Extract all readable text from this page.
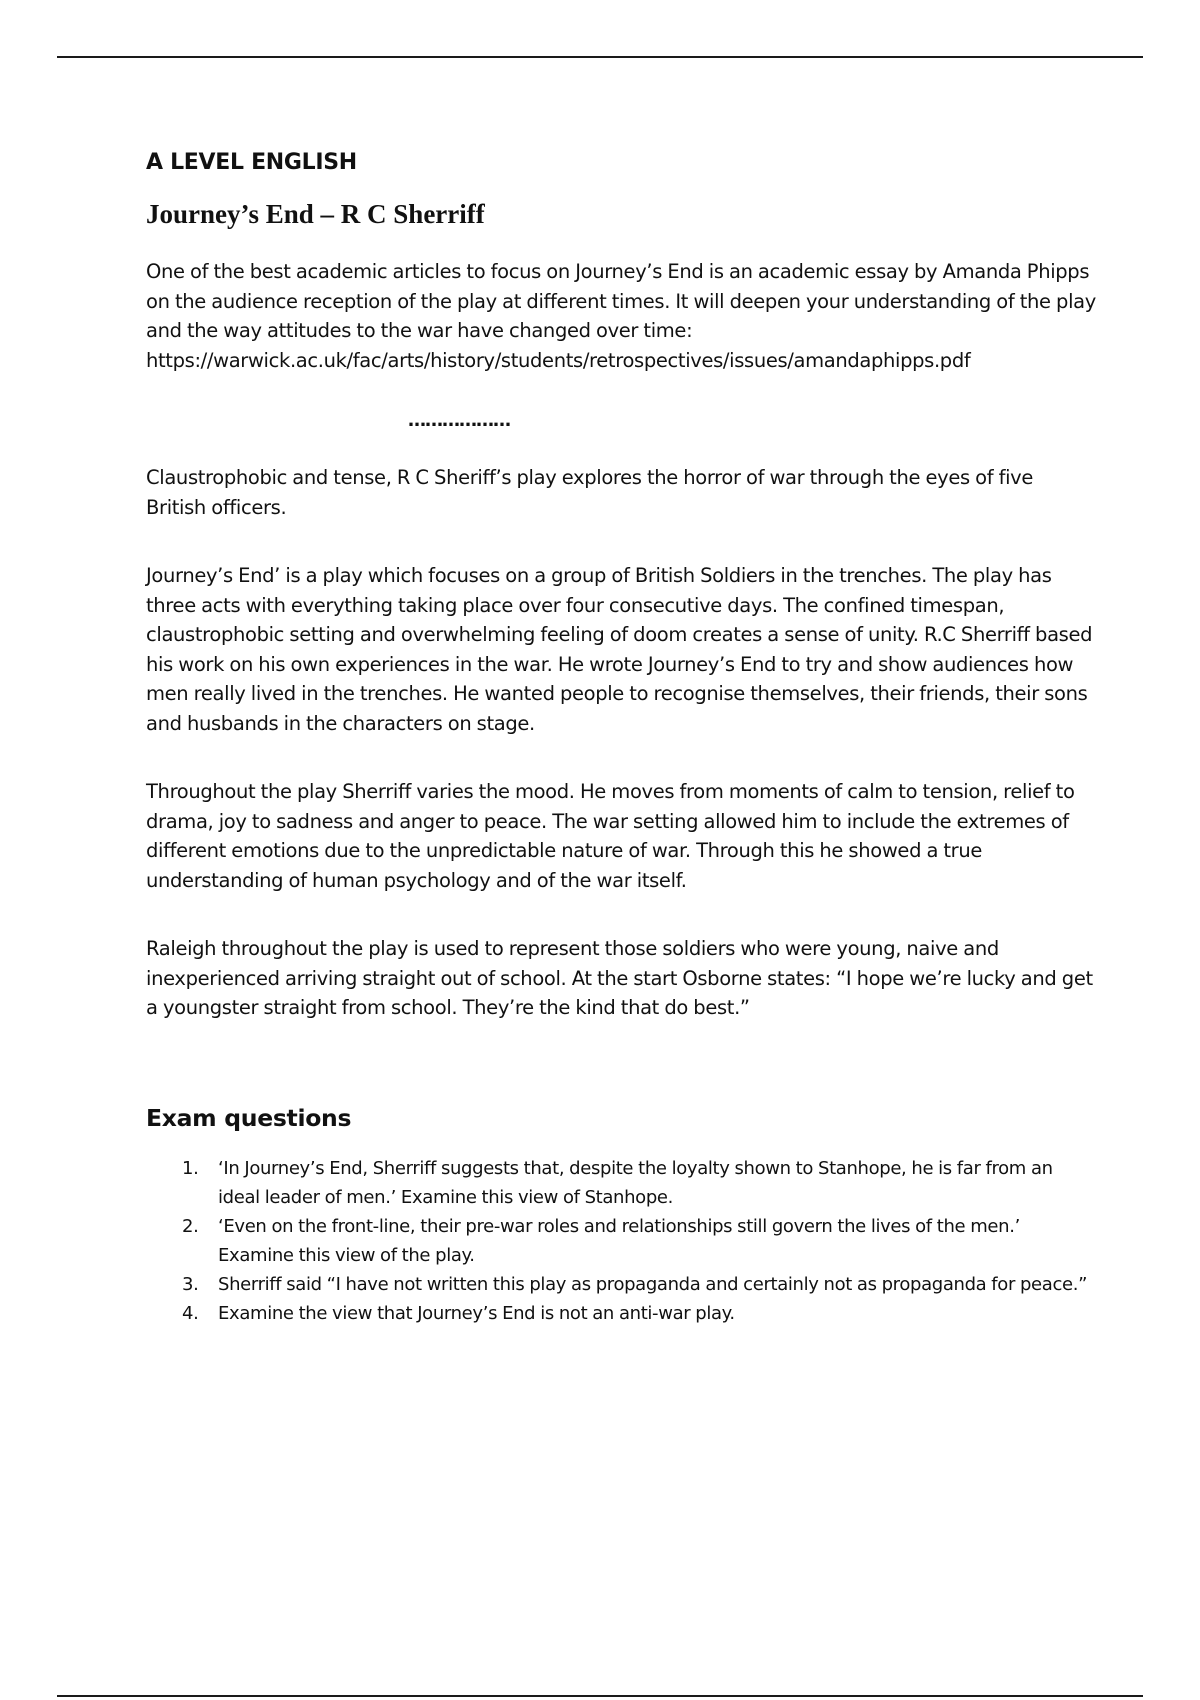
A LEVEL ENGLISH
Journey’s End – R C Sherriff

One of the best academic articles to focus on Journey’s End is an academic essay by Amanda Phipps on the audience reception of the play at different times. It will deepen your understanding of the play and the way attitudes to the war have changed over time: https://warwick.ac.uk/fac/arts/history/students/retrospectives/issues/amandaphipps.pdf

………………

Claustrophobic and tense, R C Sheriff’s play explores the horror of war through the eyes of five British officers.

Journey’s End’ is a play which focuses on a group of British Soldiers in the trenches. The play has three acts with everything taking place over four consecutive days. The confined timespan, claustrophobic setting and overwhelming feeling of doom creates a sense of unity. R.C Sherriff based his work on his own experiences in the war. He wrote Journey’s End to try and show audiences how men really lived in the trenches. He wanted people to recognise themselves, their friends, their sons and husbands in the characters on stage.

Throughout the play Sherriff varies the mood. He moves from moments of calm to tension, relief to drama, joy to sadness and anger to peace. The war setting allowed him to include the extremes of different emotions due to the unpredictable nature of war. Through this he showed a true understanding of human psychology and of the war itself.

Raleigh throughout the play is used to represent those soldiers who were young, naive and inexperienced arriving straight out of school. At the start Osborne states: “I hope we’re lucky and get a youngster straight from school. They’re the kind that do best.”

Exam questions
1. ‘In Journey’s End, Sherriff suggests that, despite the loyalty shown to Stanhope, he is far from an ideal leader of men.’ Examine this view of Stanhope.
2. ‘Even on the front-line, their pre-war roles and relationships still govern the lives of the men.’ Examine this view of the play.
3. Sherriff said “I have not written this play as propaganda and certainly not as propaganda for peace.”
4. Examine the view that Journey’s End is not an anti-war play.
